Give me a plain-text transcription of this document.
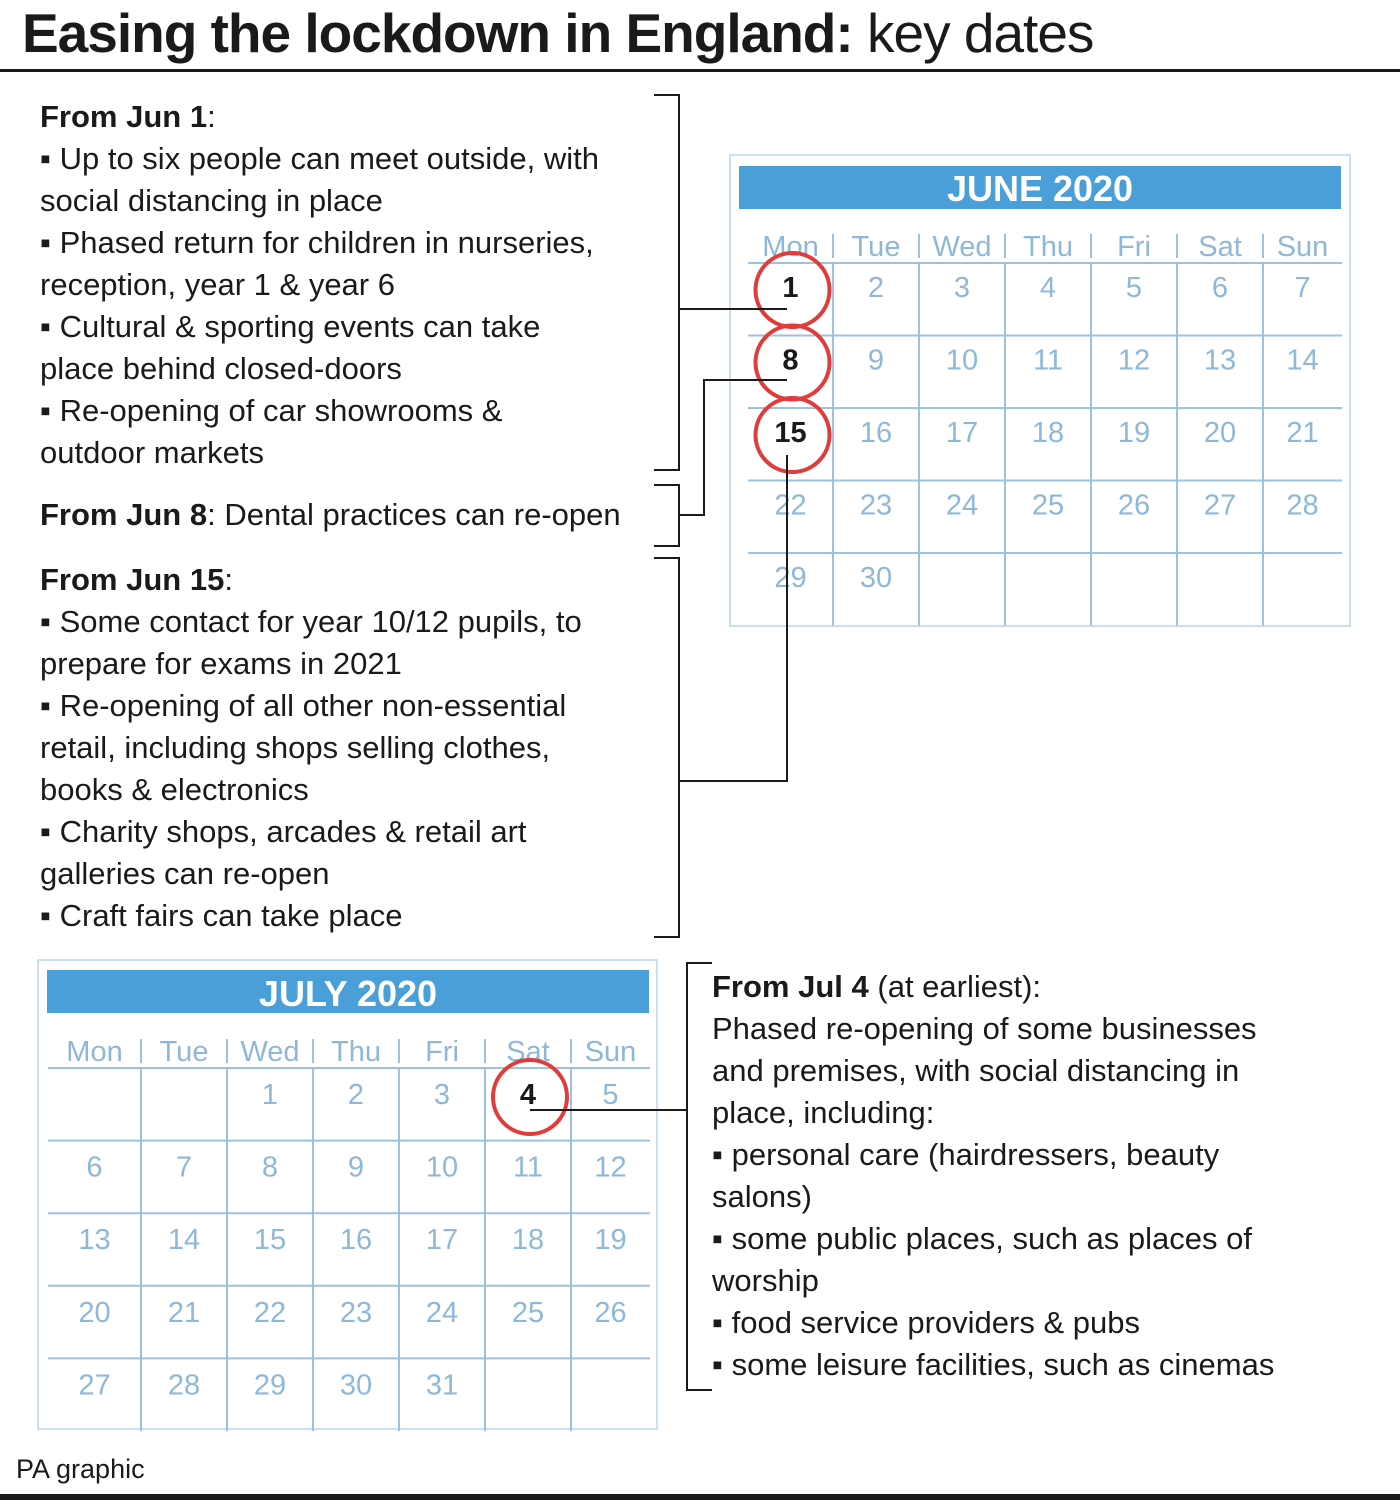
Easing the lockdown in England: key dates
From Jun 1:
▪ Up to six people can meet outside, with
social distancing in place
▪ Phased return for children in nurseries,
reception, year 1 & year 6
▪ Cultural & sporting events can take
place behind closed-doors
▪ Re-opening of car showrooms &
outdoor markets
From Jun 8: Dental practices can re-open
From Jun 15:
▪ Some contact for year 10/12 pupils, to
prepare for exams in 2021
▪ Re-opening of all other non-essential
retail, including shops selling clothes,
books & electronics
▪ Charity shops, arcades & retail art
galleries can re-open
▪ Craft fairs can take place
From Jul 4 (at earliest):
Phased re-opening of some businesses
and premises, with social distancing in
place, including:
▪ personal care (hairdressers, beauty
salons)
▪ some public places, such as places of
worship
▪ food service providers & pubs
▪ some leisure facilities, such as cinemas
JUNE 2020
Mon Tue Wed Thu Fri Sat Sun
1 2 3 4 5 6 7
8 9 10 11 12 13 14
15 16 17 18 19 20 21
22 23 24 25 26 27 28
29 30
JULY 2020
Mon Tue Wed Thu Fri Sat Sun
1 2 3 4 5
6	7 8 9 10 11 12
13 14 15 16 17 18 19
20 21 22 23 24 25 26
27 28 29 30 31

PA graphic
